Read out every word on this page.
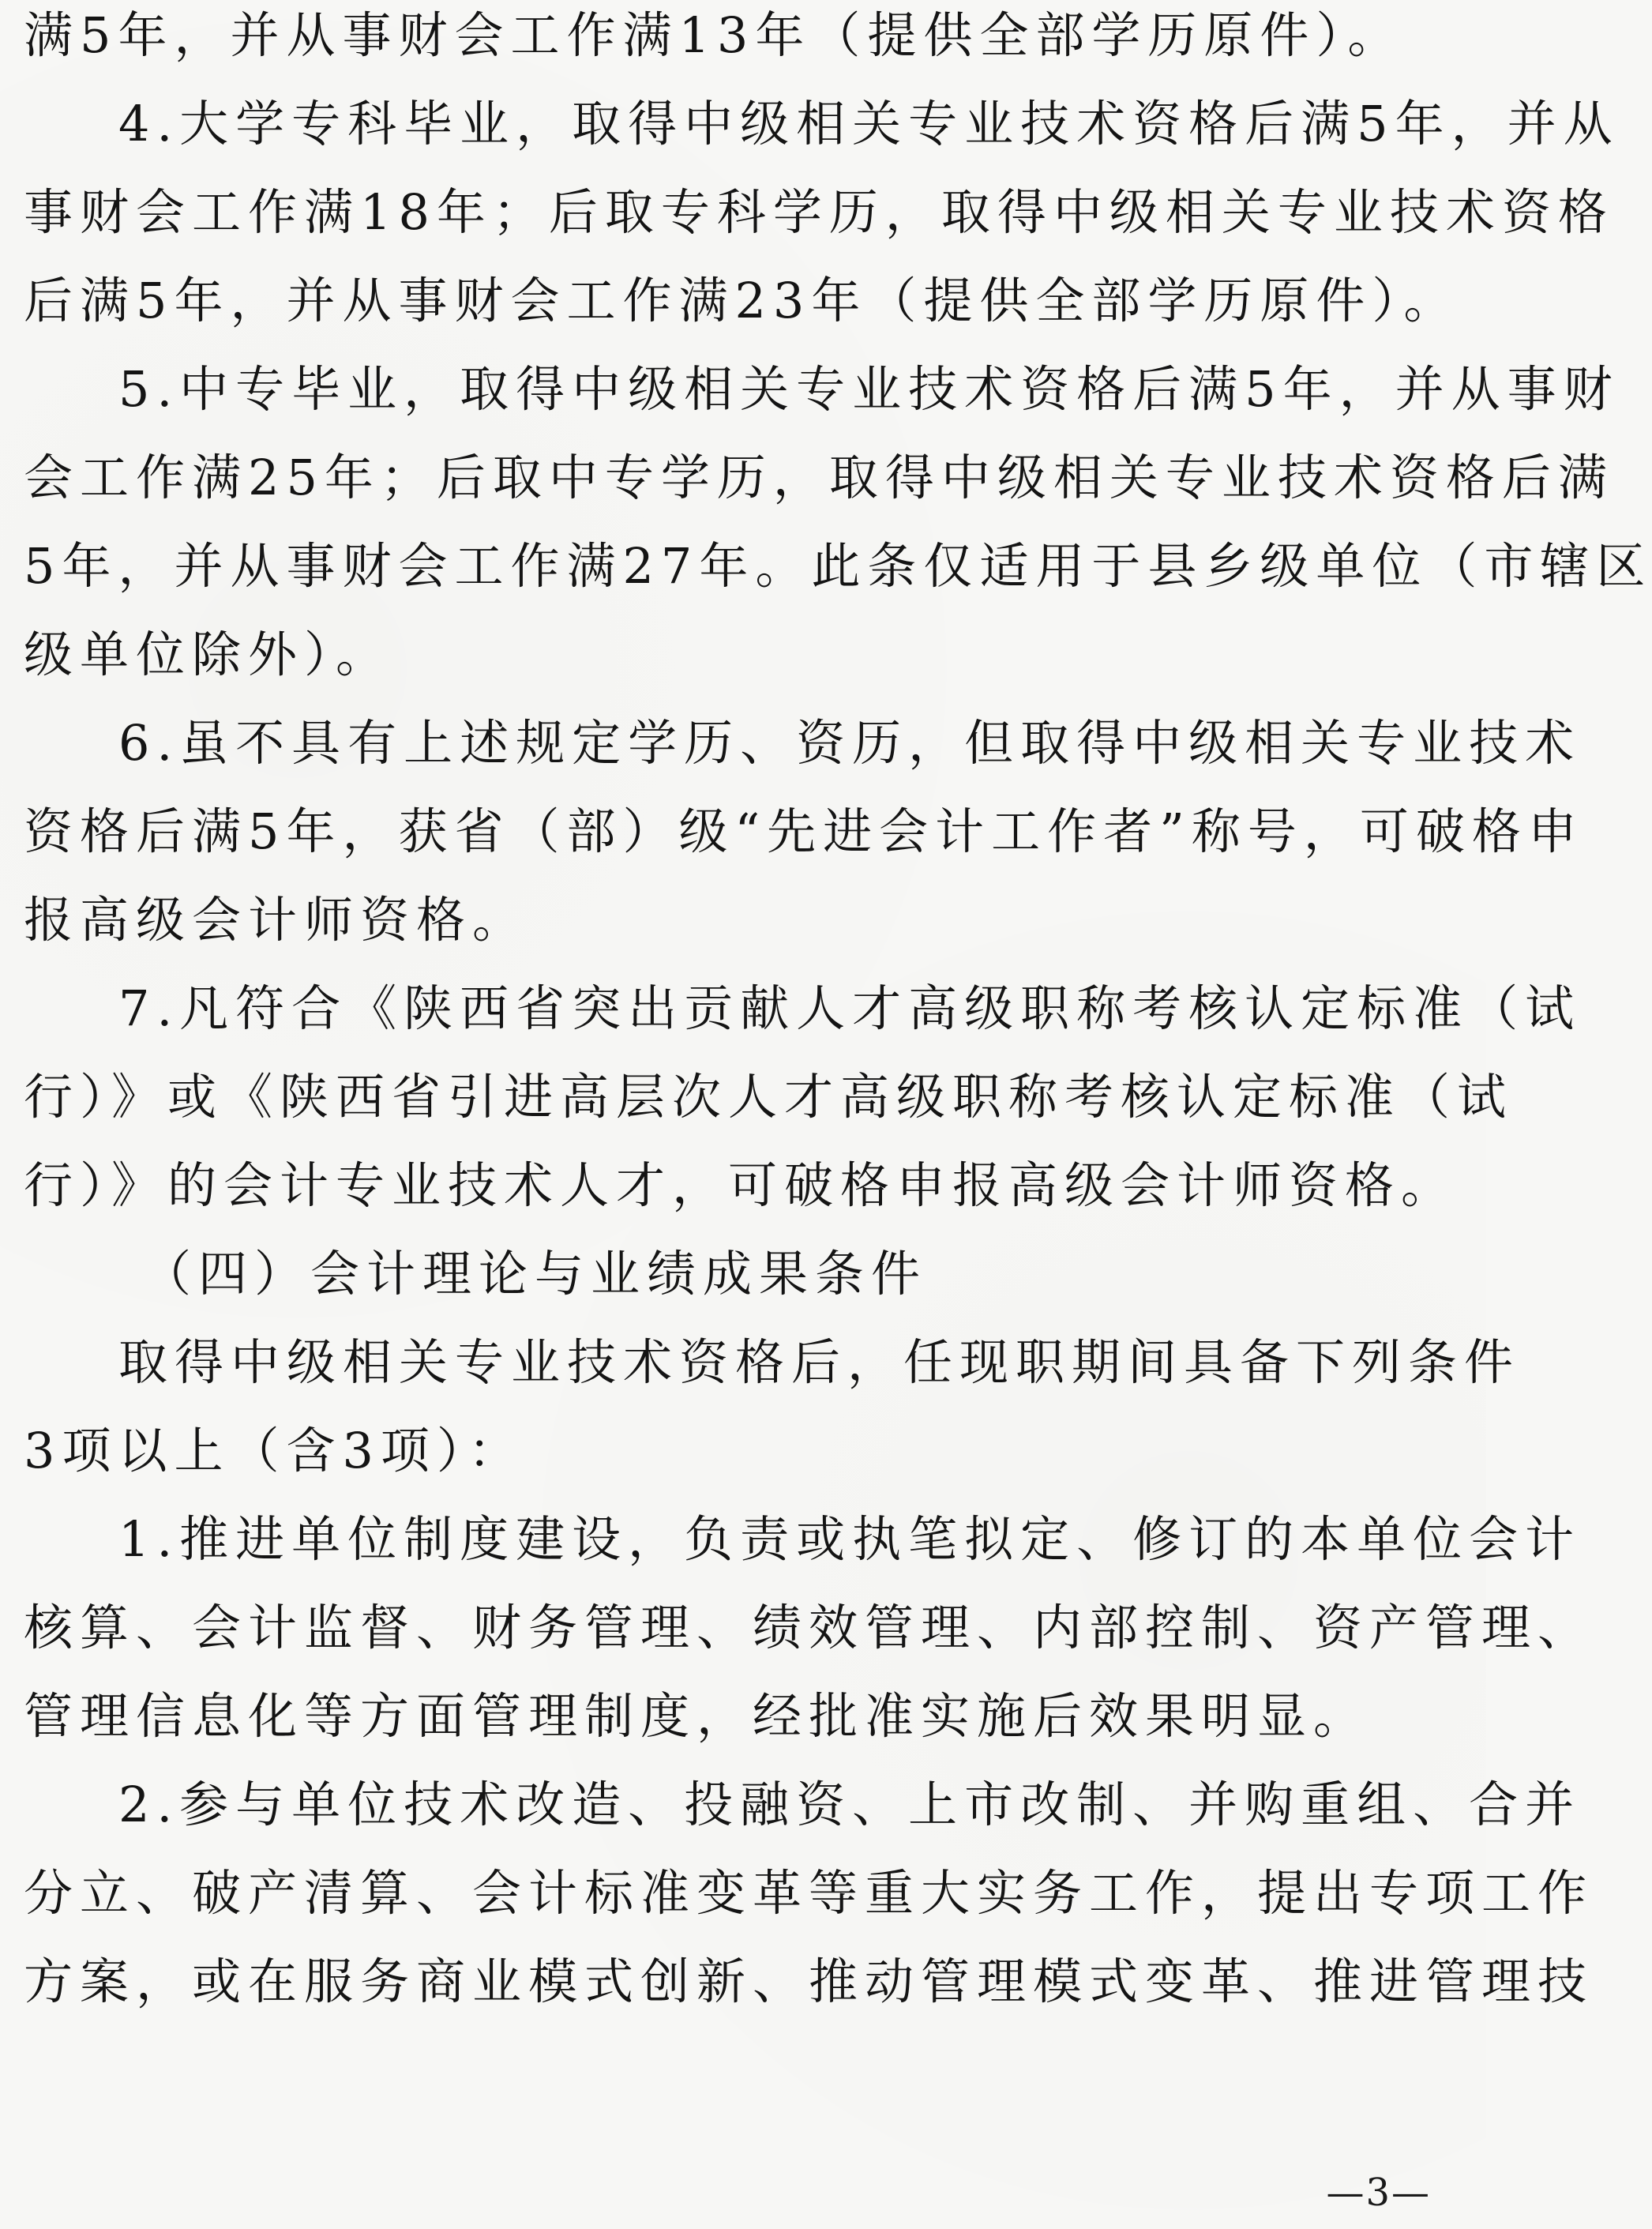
满5年，并从事财会工作满13年（提供全部学历原件）。
4.大学专科毕业，取得中级相关专业技术资格后满5年，并从
事财会工作满18年；后取专科学历，取得中级相关专业技术资格
后满5年，并从事财会工作满23年（提供全部学历原件）。
5.中专毕业，取得中级相关专业技术资格后满5年，并从事财
会工作满25年；后取中专学历，取得中级相关专业技术资格后满
5年，并从事财会工作满27年。此条仅适用于县乡级单位（市辖区
级单位除外）。
6.虽不具有上述规定学历、资历，但取得中级相关专业技术
资格后满5年，获省（部）级“先进会计工作者”称号，可破格申
报高级会计师资格。
7.凡符合《陕西省突出贡献人才高级职称考核认定标准（试
行）》或《陕西省引进高层次人才高级职称考核认定标准（试
行）》的会计专业技术人才，可破格申报高级会计师资格。
（四）会计理论与业绩成果条件
取得中级相关专业技术资格后，任现职期间具备下列条件
3项以上（含3项）：
1.推进单位制度建设，负责或执笔拟定、修订的本单位会计
核算、会计监督、财务管理、绩效管理、内部控制、资产管理、
管理信息化等方面管理制度，经批准实施后效果明显。
2.参与单位技术改造、投融资、上市改制、并购重组、合并
分立、破产清算、会计标准变革等重大实务工作，提出专项工作
方案，或在服务商业模式创新、推动管理模式变革、推进管理技
—3—
